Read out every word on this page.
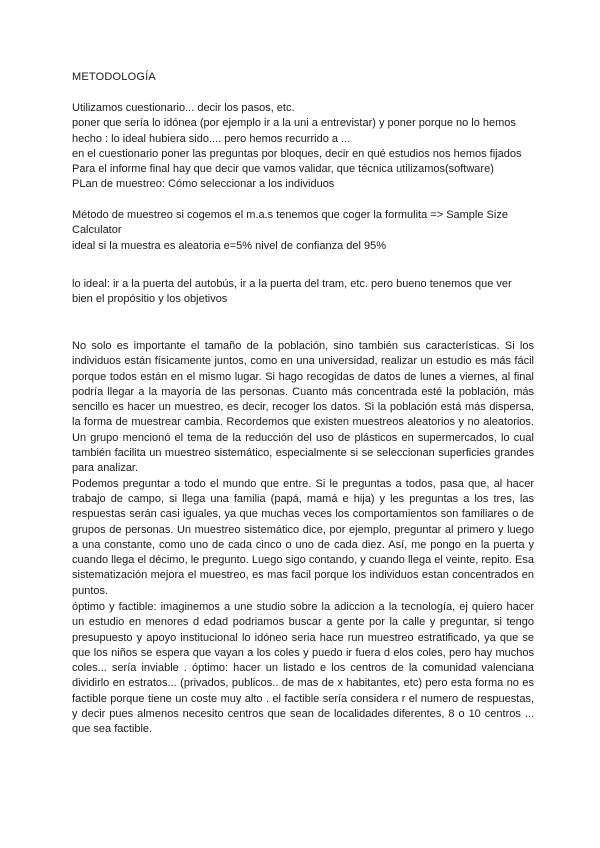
METODOLOGÍA

Utilizamos cuestionario... decir los pasos, etc.

poner que sería lo idónea (por ejemplo ir a la uni a entrevistar) y poner porque no lo hemos hecho : lo ideal hubiera sido.... pero hemos recurrido a ...

en el cuestionario poner las preguntas por bloques, decir en qué estudios nos hemos fijados

Para el informe final hay que decir que vamos validar, que técnica utilizamos(software)

PLan de muestreo: Cómo seleccionar a los individuos

Método de muestreo si cogemos el m.a.s tenemos que coger la formulita => Sample Size Calculator

ideal si la muestra es aleatoria e=5% nivel de confianza del 95%

lo ideal: ir a la puerta del autobús, ir a la puerta del tram, etc. pero bueno tenemos que ver bien el propósitio y los objetivos

No solo es importante el tamaño de la población, sino también sus características. Si los individuos están físicamente juntos, como en una universidad, realizar un estudio es más fácil porque todos están en el mismo lugar. Si hago recogidas de datos de lunes a viernes, al final podría llegar a la mayoría de las personas. Cuanto más concentrada esté la población, más sencillo es hacer un muestreo, es decir, recoger los datos. Si la población está más dispersa, la forma de muestrear cambia. Recordemos que existen muestreos aleatorios y no aleatorios. Un grupo mencionó el tema de la reducción del uso de plásticos en supermercados, lo cual también facilita un muestreo sistemático, especialmente si se seleccionan superficies grandes para analizar.

Podemos preguntar a todo el mundo que entre. Si le preguntas a todos, pasa que, al hacer trabajo de campo, si llega una familia (papá, mamá e hija) y les preguntas a los tres, las respuestas serán casi iguales, ya que muchas veces los comportamientos son familiares o de grupos de personas. Un muestreo sistemático dice, por ejemplo, preguntar al primero y luego a una constante, como uno de cada cinco o uno de cada diez. Así, me pongo en la puerta y cuando llega el décimo, le pregunto. Luego sigo contando, y cuando llega el veinte, repito. Esa sistematización mejora el muestreo, es mas facil porque los individuos estan concentrados en puntos.

óptimo y factible: imaginemos a une studio sobre la adiccion a la tecnología, ej quiero hacer un estudio en menores d edad podriamos buscar a gente por la calle y preguntar, si tengo presupuesto y apoyo institucional lo idóneo seria hace run muestreo estratificado, ya que se que los niños se espera que vayan a los coles y puedo ir fuera d elos coles, pero hay muchos coles... sería inviable . óptimo: hacer un listado e los centros de la comunidad valenciana dividirlo en estratos... (privados, publicos.. de mas de x habitantes, etc) pero esta forma no es factible porque tiene un coste muy alto . el factible sería considera r el numero de respuestas, y decir pues almenos necesito centros que sean de localidades diferentes, 8 o 10 centros ... que sea factible.
